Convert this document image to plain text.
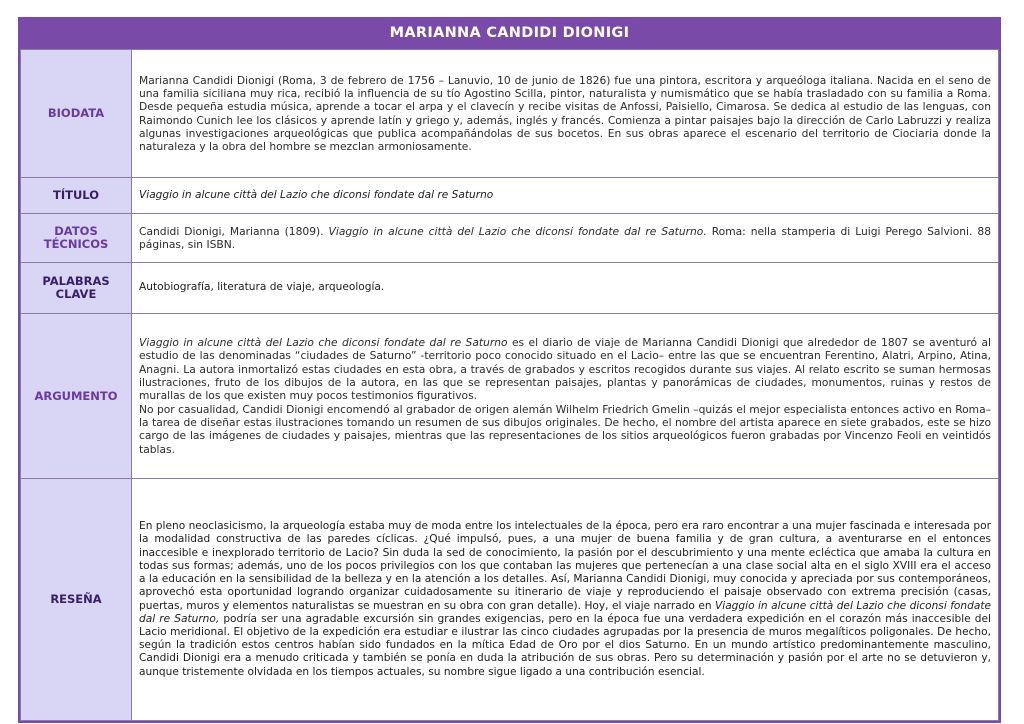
MARIANNA CANDIDI DIONIGI
BIODATA	Marianna Candidi Dionigi (Roma, 3 de febrero de 1756 – Lanuvio, 10 de junio de 1826) fue una pintora, escritora y arqueóloga italiana. Nacida en el seno de una familia siciliana muy rica, recibió la influencia de su tío Agostino Scilla, pintor, naturalista y numismático que se había trasladado con su familia a Roma. Desde pequeña estudia música, aprende a tocar el arpa y el clavecín y recibe visitas de Anfossi, Paisiello, Cimarosa. Se dedica al estudio de las lenguas, con Raimondo Cunich lee los clásicos y aprende latín y griego y, además, inglés y francés. Comienza a pintar paisajes bajo la dirección de Carlo Labruzzi y realiza algunas investigaciones arqueológicas que publica acompañándolas de sus bocetos. En sus obras aparece el escenario del territorio de Ciociaria donde la naturaleza y la obra del hombre se mezclan armoniosamente.
TÍTULO	Viaggio in alcune città del Lazio che diconsi fondate dal re Saturno

DATOS
TÉCNICOS	Candidi Dionigi, Marianna (1809). Viaggio in alcune città del Lazio che diconsi fondate dal re Saturno. Roma: nella stamperia di Luigi Perego Salvioni. 88 páginas, sin ISBN.

PALABRAS
CLAVE	Autobiografía, literatura de viaje, arqueología.
ARGUMENTO	Viaggio in alcune città del Lazio che diconsi fondate dal re Saturno es el diario de viaje de Marianna Candidi Dionigi que alrededor de 1807 se aventuró al estudio de las denominadas “ciudades de Saturno” -territorio poco conocido situado en el Lacio– entre las que se encuentran Ferentino, Alatri, Arpino, Atina, Anagni. La autora inmortalizó estas ciudades en esta obra, a través de grabados y escritos recogidos durante sus viajes. Al relato escrito se suman hermosas ilustraciones, fruto de los dibujos de la autora, en las que se representan paisajes, plantas y panorámicas de ciudades, monumentos, ruinas y restos de murallas de los que existen muy pocos testimonios figurativos.

No por casualidad, Candidi Dionigi encomendó al grabador de origen alemán Wilhelm Friedrich Gmelin –quizás el mejor especialista entonces activo en Roma– la tarea de diseñar estas ilustraciones tomando un resumen de sus dibujos originales. De hecho, el nombre del artista aparece en siete grabados, este se hizo cargo de las imágenes de ciudades y paisajes, mientras que las representaciones de los sitios arqueológicos fueron grabadas por Vincenzo Feoli en veintidós tablas.

RESEÑA	En pleno neoclasicismo, la arqueología estaba muy de moda entre los intelectuales de la época, pero era raro encontrar a una mujer fascinada e interesada por la modalidad constructiva de las paredes cíclicas. ¿Qué impulsó, pues, a una mujer de buena familia y de gran cultura, a aventurarse en el entonces inaccesible e inexplorado territorio de Lacio? Sin duda la sed de conocimiento, la pasión por el descubrimiento y una mente ecléctica que amaba la cultura en todas sus formas; además, uno de los pocos privilegios con los que contaban las mujeres que pertenecían a una clase social alta en el siglo XVIII era el acceso a la educación en la sensibilidad de la belleza y en la atención a los detalles. Así, Marianna Candidi Dionigi, muy conocida y apreciada por sus contemporáneos, aprovechó esta oportunidad logrando organizar cuidadosamente su itinerario de viaje y reproduciendo el paisaje observado con extrema precisión (casas, puertas, muros y elementos naturalistas se muestran en su obra con gran detalle). Hoy, el viaje narrado en Viaggio in alcune città del Lazio che diconsi fondate dal re Saturno, podría ser una agradable excursión sin grandes exigencias, pero en la época fue una verdadera expedición en el corazón más inaccesible del Lacio meridional. El objetivo de la expedición era estudiar e ilustrar las cinco ciudades agrupadas por la presencia de muros megalíticos poligonales. De hecho, según la tradición estos centros habían sido fundados en la mítica Edad de Oro por el dios Saturno. En un mundo artístico predominantemente masculino, Candidi Dionigi era a menudo criticada y también se ponía en duda la atribución de sus obras. Pero su determinación y pasión por el arte no se detuvieron y, aunque tristemente olvidada en los tiempos actuales, su nombre sigue ligado a una contribución esencial.
